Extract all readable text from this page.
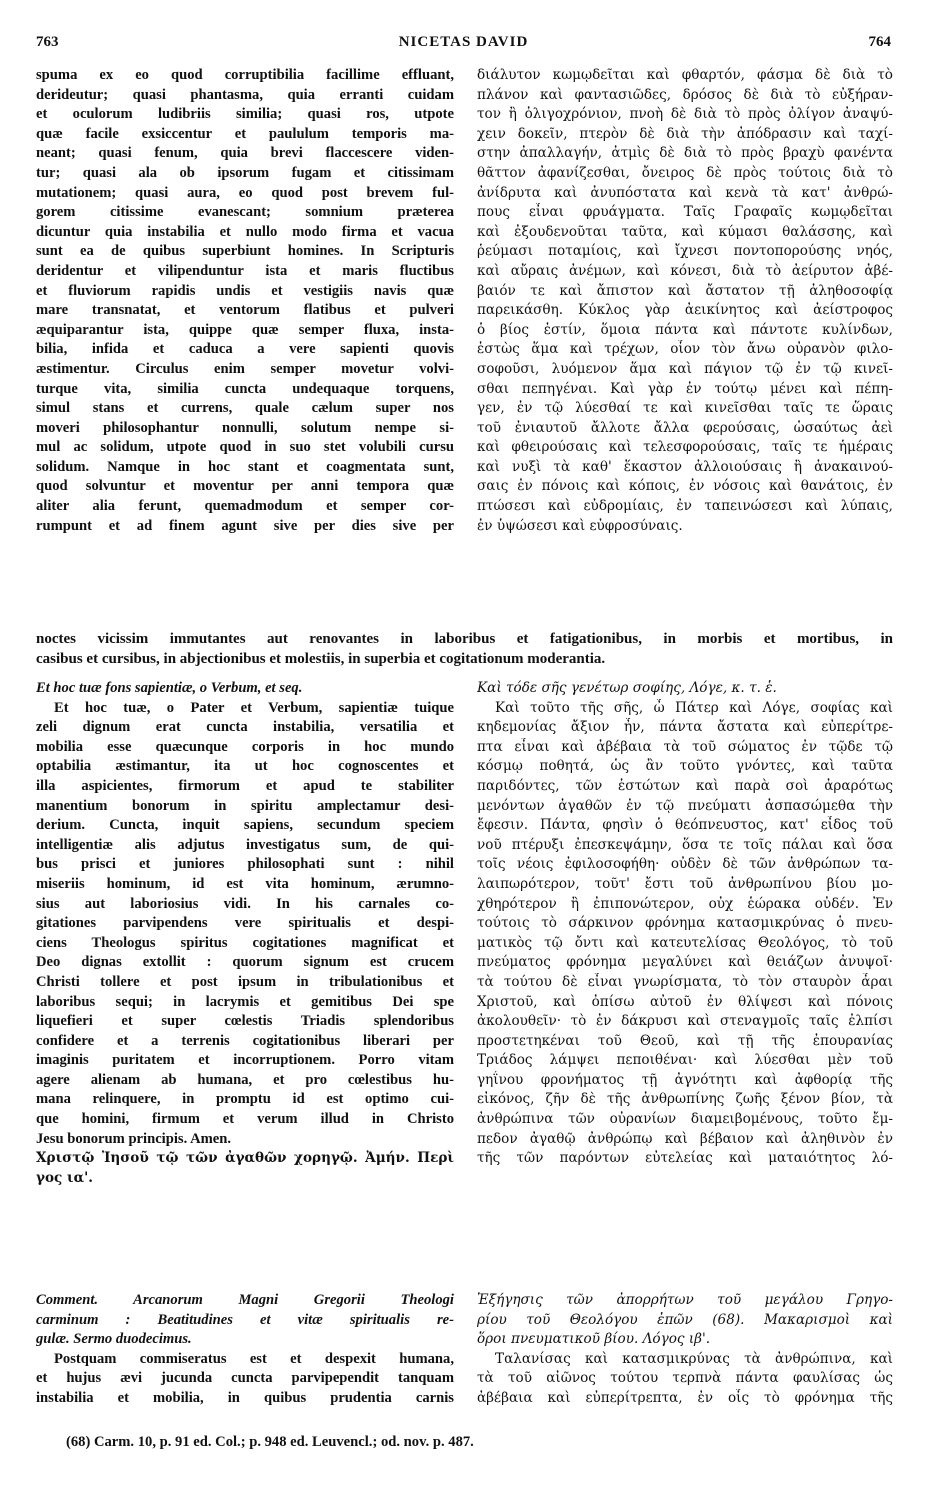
763	NICETAS DAVID	764
spuma ex eo quod corruptibilia facillime effluant,
derideutur; quasi phantasma, quia erranti cuidam
et oculorum ludibriis similia; quasi ros, utpote
quæ facile exsiccentur et paululum temporis ma-
neant; quasi fenum, quia brevi flaccescere viden-
tur; quasi ala ob ipsorum fugam et citissimam
mutationem; quasi aura, eo quod post brevem ful-
gorem citissime evanescant; somnium præterea
dicuntur quia instabilia et nullo modo firma et vacua
sunt ea de quibus superbiunt homines. In Scripturis
deridentur et vilipenduntur ista et maris fluctibus
et fluviorum rapidis undis et vestigiis navis quæ
mare transnatat, et ventorum flatibus et pulveri
æquiparantur ista, quippe quæ semper fluxa, insta-
bilia, infida et caduca a vere sapienti quovis
æstimentur. Circulus enim semper movetur volvi-
turque vita, similia cuncta undequaque torquens,
simul stans et currens, quale cælum super nos
moveri philosophantur nonnulli, solutum nempe si-
mul ac solidum, utpote quod in suo stet volubili cursu
solidum. Namque in hoc stant et coagmentata sunt,
quod solvuntur et moventur per anni tempora quæ
aliter alia ferunt, quemadmodum et semper cor-
rumpunt et ad finem agunt sive per dies sive per
διάλυτον κωμῳδεῖται καὶ φθαρτόν, φάσμα δὲ διὰ τὸ
πλάνον καὶ φαντασιῶδες, δρόσος δὲ διὰ τὸ εὐξήραν-
τον ἢ ὀλιγοχρόνιον, πνοὴ δὲ διὰ τὸ πρὸς ὀλίγον ἀναψύ-
χειν δοκεῖν, πτερὸν δὲ διὰ τὴν ἀπόδρασιν καὶ ταχί-
στην ἀπαλλαγήν, ἀτμὶς δὲ διὰ τὸ πρὸς βραχὺ φανέντα
θᾶττον ἀφανίζεσθαι, ὄνειρος δὲ πρὸς τούτοις διὰ τὸ
ἀνίδρυτα καὶ ἀνυπόστατα καὶ κενὰ τὰ κατ' ἀνθρώ-
πους εἶναι φρυάγματα. Ταῖς Γραφαῖς κωμῳδεῖται
καὶ ἐξουδενοῦται ταῦτα, καὶ κύμασι θαλάσσης, καὶ
ῥεύμασι ποταμίοις, καὶ ἴχνεσι ποντοπορούσης νηός,
καὶ αὔραις ἀνέμων, καὶ κόνεσι, διὰ τὸ ἀείρυτον ἀβέ-
βαιόν τε καὶ ἄπιστον καὶ ἄστατον τῇ ἀληθοσοφίᾳ
παρεικάσθη. Κύκλος γὰρ ἀεικίνητος καὶ ἀείστροφος
ὁ βίος ἐστίν, ὅμοια πάντα καὶ πάντοτε κυλίνδων,
ἑστὼς ἅμα καὶ τρέχων, οἷον τὸν ἄνω οὐρανὸν φιλο-
σοφοῦσι, λυόμενον ἅμα καὶ πάγιον τῷ ἐν τῷ κινεῖ-
σθαι πεπηγέναι. Καὶ γὰρ ἐν τούτῳ μένει καὶ πέπη-
γεν, ἐν τῷ λύεσθαί τε καὶ κινεῖσθαι ταῖς τε ὥραις
τοῦ ἐνιαυτοῦ ἄλλοτε ἄλλα φερούσαις, ὡσαύτως ἀεὶ
καὶ φθειρούσαις καὶ τελεσφορούσαις, ταῖς τε ἡμέραις
καὶ νυξὶ τὰ καθ' ἕκαστον ἀλλοιούσαις ἢ ἀνακαινού-
σαις ἐν πόνοις καὶ κόποις, ἐν νόσοις καὶ θανάτοις, ἐν
πτώσεσι καὶ εὐδρομίαις, ἐν ταπεινώσεσι καὶ λύπαις,
ἐν ὑψώσεσι καὶ εὐφροσύναις.
noctes vicissim immutantes aut renovantes in laboribus et fatigationibus, in morbis et mortibus, in
casibus et cursibus, in abjectionibus et molestiis, in superbia et cogitationum moderantia.
Et hoc tuæ fons sapientiæ, o Verbum, et seq.
Et hoc tuæ, o Pater et Verbum, sapientiæ tuique
zeli dignum erat cuncta instabilia, versatilia et
mobilia esse quæcunque corporis in hoc mundo
optabilia æstimantur, ita ut hoc cognoscentes et
illa aspicientes, firmorum et apud te stabiliter
manentium bonorum in spiritu amplectamur desi-
derium. Cuncta, inquit sapiens, secundum speciem
intelligentiæ alis adjutus investigatus sum, de qui-
bus prisci et juniores philosophati sunt : nihil
miseriis hominum, id est vita hominum, ærumno-
sius aut laboriosius vidi. In his carnales co-
gitationes parvipendens vere spiritualis et despi-
ciens Theologus spiritus cogitationes magnificat et
Deo dignas extollit : quorum signum est crucem
Christi tollere et post ipsum in tribulationibus et
laboribus sequi; in lacrymis et gemitibus Dei spe
liquefieri et super cœlestis Triadis splendoribus
confidere et a terrenis cogitationibus liberari per
imaginis puritatem et incorruptionem. Porro vitam
agere alienam ab humana, et pro cœlestibus hu-
mana relinquere, in promptu id est optimo cui-
que homini, firmum et verum illud in Christo
Jesu bonorum principis. Amen.
Χριστῷ Ἰησοῦ τῷ τῶν ἀγαθῶν χορηγῷ. Ἀμήν. Περὶ
γος ια'.
Καὶ τόδε σῆς γενέτωρ σοφίης, Λόγε, κ. τ. ἑ.
Καὶ τοῦτο τῆς σῆς, ὦ Πάτερ καὶ Λόγε, σοφίας καὶ
κηδεμονίας ἄξιον ἦν, πάντα ἄστατα καὶ εὐπερίτρε-
πτα εἶναι καὶ ἀβέβαια τὰ τοῦ σώματος ἐν τῷδε τῷ
κόσμῳ ποθητά, ὡς ἂν τοῦτο γνόντες, καὶ ταῦτα
παριδόντες, τῶν ἑστώτων καὶ παρὰ σοὶ ἀραρότως
μενόντων ἀγαθῶν ἐν τῷ πνεύματι ἀσπασώμεθα τὴν
ἔφεσιν. Πάντα, φησὶν ὁ θεόπνευστος, κατ' εἶδος τοῦ
νοῦ πτέρυξι ἐπεσκεψάμην, ὅσα τε τοῖς πάλαι καὶ ὅσα
τοῖς νέοις ἐφιλοσοφήθη· οὐδὲν δὲ τῶν ἀνθρώπων τα-
λαιπωρότερον, τοῦτ' ἔστι τοῦ ἀνθρωπίνου βίου μο-
χθηρότερον ἢ ἐπιπονώτερον, οὐχ ἑώρακα οὐδέν. Ἐν
τούτοις τὸ σάρκινον φρόνημα κατασμικρύνας ὁ πνευ-
ματικὸς τῷ ὄντι καὶ κατευτελίσας Θεολόγος, τὸ τοῦ
πνεύματος φρόνημα μεγαλύνει καὶ θειάζων ἀνυψοῖ·
τὰ τούτου δὲ εἶναι γνωρίσματα, τὸ τὸν σταυρὸν ἆραι
Χριστοῦ, καὶ ὀπίσω αὐτοῦ ἐν θλίψεσι καὶ πόνοις
ἀκολουθεῖν· τὸ ἐν δάκρυσι καὶ στεναγμοῖς ταῖς ἐλπίσι
προστετηκέναι τοῦ Θεοῦ, καὶ τῇ τῆς ἐπουρανίας
Τριάδος λάμψει πεποιθέναι· καὶ λύεσθαι μὲν τοῦ
γηΐνου φρονήματος τῇ ἀγνότητι καὶ ἀφθορίᾳ τῆς
εἰκόνος, ζῆν δὲ τῆς ἀνθρωπίνης ζωῆς ξένον βίον, τὰ
ἀνθρώπινα τῶν οὐρανίων διαμειβομένους, τοῦτο ἔμ-
πεδον ἀγαθῷ ἀνθρώπῳ καὶ βέβαιον καὶ ἀληθινὸν ἐν
τῆς τῶν παρόντων εὐτελείας καὶ ματαιότητος λό-
Comment. Arcanorum Magni Gregorii Theologi
carminum : Beatitudines et vitæ spiritualis re-
gulæ. Sermo duodecimus.
Postquam commiseratus est et despexit humana,
et hujus ævi jucunda cuncta parvipependit tanquam
instabilia et mobilia, in quibus prudentia carnis
Ἐξήγησις τῶν ἀπορρήτων τοῦ μεγάλου Γρηγο-
ρίου τοῦ Θεολόγου ἐπῶν (68). Μακαρισμοὶ καὶ
ὅροι πνευματικοῦ βίου. Λόγος ιβ'.
Ταλανίσας καὶ κατασμικρύνας τὰ ἀνθρώπινα, καὶ
τὰ τοῦ αἰῶνος τούτου τερπνὰ πάντα φαυλίσας ὡς
ἀβέβαια καὶ εὐπερίτρεπτα, ἐν οἷς τὸ φρόνημα τῆς
(68) Carm. 10, p. 91 ed. Col.; p. 948 ed. Leuvencl.; od. nov. p. 487.
